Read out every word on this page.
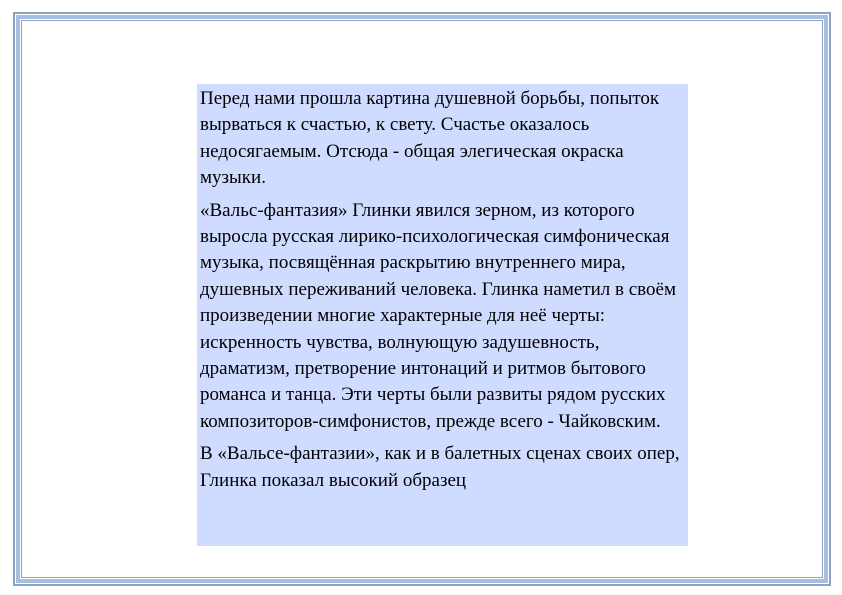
Перед нами прошла картина душевной борьбы, попыток вырваться к счастью, к свету. Счастье оказалось недосягаемым. Отсюда - общая элегическая окраска музыки.

«Вальс-фантазия» Глинки явился зерном, из которого выросла русская лирико-психологическая симфоническая музыка, посвящённая раскрытию внутреннего мира, душевных переживаний человека. Глинка наметил в своём произведении многие характерные для неё черты: искренность чувства, волнующую задушевность, драматизм, претворение интонаций и ритмов бытового романса и танца. Эти черты были развиты рядом русских композиторов-симфонистов, прежде всего - Чайковским.

В «Вальсе-фантазии», как и в балетных сценах своих опер, Глинка показал высокий образец
